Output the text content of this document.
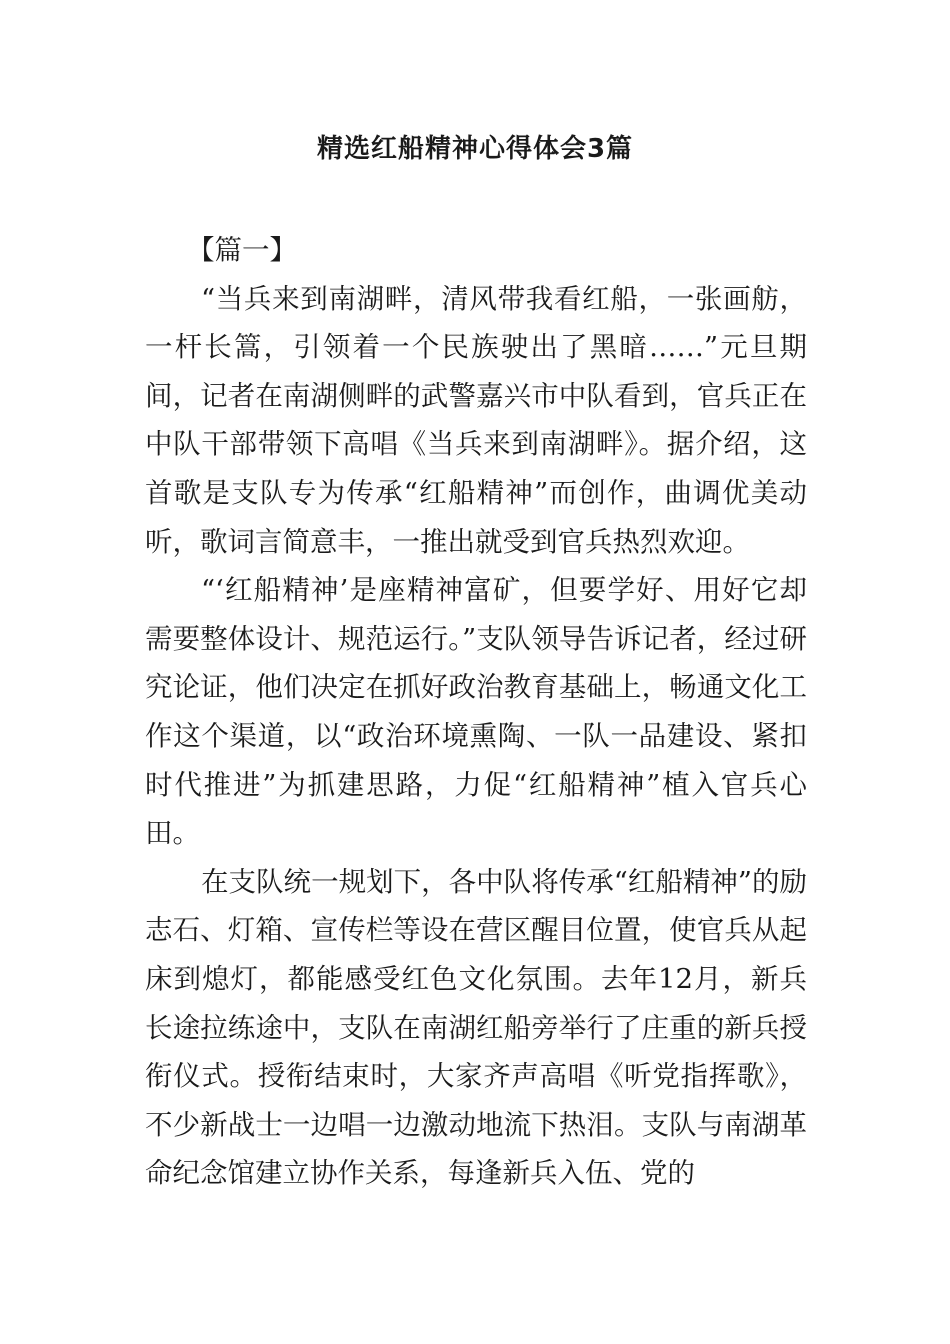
精选红船精神心得体会3篇

【篇一】

“当兵来到南湖畔，清风带我看红船，一张画舫，一杆长篙，引领着一个民族驶出了黑暗……”元旦期间，记者在南湖侧畔的武警嘉兴市中队看到，官兵正在中队干部带领下高唱《当兵来到南湖畔》。据介绍，这首歌是支队专为传承“红船精神”而创作，曲调优美动听，歌词言简意丰，一推出就受到官兵热烈欢迎。

“‘红船精神’是座精神富矿，但要学好、用好它却需要整体设计、规范运行。”支队领导告诉记者，经过研究论证，他们决定在抓好政治教育基础上，畅通文化工作这个渠道，以“政治环境熏陶、一队一品建设、紧扣时代推进”为抓建思路，力促“红船精神”植入官兵心田。

在支队统一规划下，各中队将传承“红船精神”的励志石、灯箱、宣传栏等设在营区醒目位置，使官兵从起床到熄灯，都能感受红色文化氛围。去年12月，新兵长途拉练途中，支队在南湖红船旁举行了庄重的新兵授衔仪式。授衔结束时，大家齐声高唱《听党指挥歌》，不少新战士一边唱一边激动地流下热泪。支队与南湖革命纪念馆建立协作关系，每逢新兵入伍、党的
